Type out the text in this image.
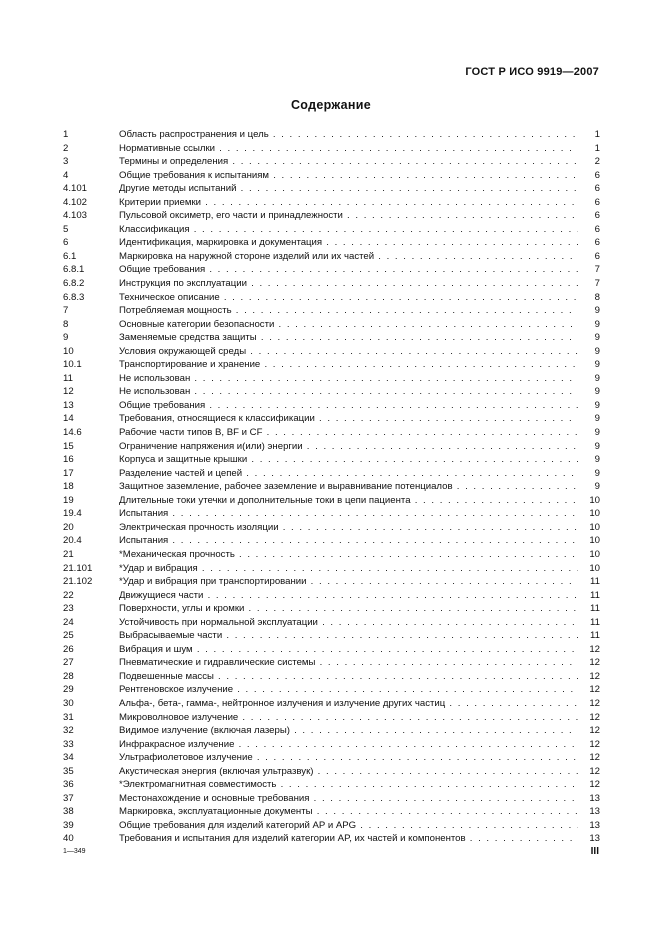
ГОСТ Р ИСО 9919—2007
Содержание
1	Область распространения и цель . . .	1
2	Нормативные ссылки . . .	1
3	Термины и определения . . .	2
4	Общие требования к испытаниям . . .	6
4.101	Другие методы испытаний . . .	6
4.102	Критерии приемки . . .	6
4.103	Пульсовой оксиметр, его части и принадлежности . . .	6
5	Классификация . . .	6
6	Идентификация, маркировка и документация . . .	6
6.1	Маркировка на наружной стороне изделий или их частей . . .	6
6.8.1	Общие требования . . .	7
6.8.2	Инструкция по эксплуатации . . .	7
6.8.3	Техническое описание . . .	8
7	Потребляемая мощность . . .	9
8	Основные категории безопасности . . .	9
9	Заменяемые средства защиты . . .	9
10	Условия окружающей среды . . .	9
10.1	Транспортирование и хранение . . .	9
11	Не использован . . .	9
12	Не использован . . .	9
13	Общие требования . . .	9
14	Требования, относящиеся к классификации . . .	9
14.6	Рабочие части типов B, BF и CF . . .	9
15	Ограничение напряжения и(или) энергии . . .	9
16	Корпуса и защитные крышки . . .	9
17	Разделение частей и цепей . . .	9
18	Защитное заземление, рабочее заземление и выравнивание потенциалов . . .	9
19	Длительные токи утечки и дополнительные токи в цепи пациента . . .	10
19.4	Испытания . . .	10
20	Электрическая прочность изоляции . . .	10
20.4	Испытания . . .	10
21	*Механическая прочность . . .	10
21.101	*Удар и вибрация . . .	10
21.102	*Удар и вибрация при транспортировании . . .	11
22	Движущиеся части . . .	11
23	Поверхности, углы и кромки . . .	11
24	Устойчивость при нормальной эксплуатации . . .	11
25	Выбрасываемые части . . .	11
26	Вибрация и шум . . .	12
27	Пневматические и гидравлические системы . . .	12
28	Подвешенные массы . . .	12
29	Рентгеновское излучение . . .	12
30	Альфа-, бета-, гамма-, нейтронное излучения и излучение других частиц . . .	12
31	Микроволновое излучение . . .	12
32	Видимое излучение (включая лазеры) . . .	12
33	Инфракрасное излучение . . .	12
34	Ультрафиолетовое излучение . . .	12
35	Акустическая энергия (включая ультразвук) . . .	12
36	*Электромагнитная совместимость . . .	12
37	Местонахождение и основные требования . . .	13
38	Маркировка, эксплуатационные документы . . .	13
39	Общие требования для изделий категорий AP и APG . . .	13
40	Требования и испытания для изделий категории AP, их частей и компонентов . . .	13
1—349	III
